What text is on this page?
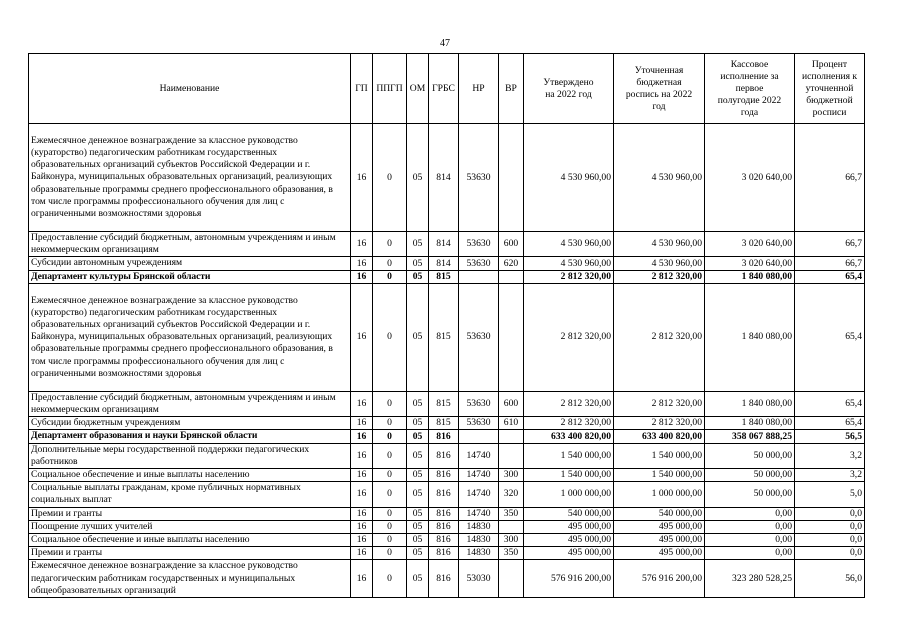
47
Наименование	ГП	ППГП	ОМ	ГРБС	НР	ВР	Утверждено на 2022 год	Уточненная бюджетная роспись на 2022 год	Кассовое исполнение за первое полугодие 2022 года	Процент исполнения к уточненной бюджетной росписи
Ежемесячное денежное вознаграждение за классное руководство (кураторство) педагогическим работникам государственных образовательных организаций субъектов Российской Федерации и г. Байконура, муниципальных образовательных организаций, реализующих образовательные программы среднего профессионального образования, в том числе программы профессионального обучения для лиц с ограниченными возможностями здоровья	16	0	05	814	53630		4 530 960,00	4 530 960,00	3 020 640,00	66,7
Предоставление субсидий бюджетным, автономным учреждениям и иным некоммерческим организациям	16	0	05	814	53630	600	4 530 960,00	4 530 960,00	3 020 640,00	66,7
Субсидии автономным учреждениям	16	0	05	814	53630	620	4 530 960,00	4 530 960,00	3 020 640,00	66,7
Департамент культуры Брянской области	16	0	05	815			2 812 320,00	2 812 320,00	1 840 080,00	65,4
Ежемесячное денежное вознаграждение за классное руководство (кураторство) педагогическим работникам государственных образовательных организаций субъектов Российской Федерации и г. Байконура, муниципальных образовательных организаций, реализующих образовательные программы среднего профессионального образования, в том числе программы профессионального обучения для лиц с ограниченными возможностями здоровья	16	0	05	815	53630		2 812 320,00	2 812 320,00	1 840 080,00	65,4
Предоставление субсидий бюджетным, автономным учреждениям и иным некоммерческим организациям	16	0	05	815	53630	600	2 812 320,00	2 812 320,00	1 840 080,00	65,4
Субсидии бюджетным учреждениям	16	0	05	815	53630	610	2 812 320,00	2 812 320,00	1 840 080,00	65,4
Департамент образования и науки Брянской области	16	0	05	816			633 400 820,00	633 400 820,00	358 067 888,25	56,5
Дополнительные меры государственной поддержки педагогических работников	16	0	05	816	14740		1 540 000,00	1 540 000,00	50 000,00	3,2
Социальное обеспечение и иные выплаты населению	16	0	05	816	14740	300	1 540 000,00	1 540 000,00	50 000,00	3,2
Социальные выплаты гражданам, кроме публичных нормативных социальных выплат	16	0	05	816	14740	320	1 000 000,00	1 000 000,00	50 000,00	5,0
Премии и гранты	16	0	05	816	14740	350	540 000,00	540 000,00	0,00	0,0
Поощрение лучших учителей	16	0	05	816	14830		495 000,00	495 000,00	0,00	0,0
Социальное обеспечение и иные выплаты населению	16	0	05	816	14830	300	495 000,00	495 000,00	0,00	0,0
Премии и гранты	16	0	05	816	14830	350	495 000,00	495 000,00	0,00	0,0
Ежемесячное денежное вознаграждение за классное руководство педагогическим работникам государственных и муниципальных общеобразовательных организаций	16	0	05	816	53030		576 916 200,00	576 916 200,00	323 280 528,25	56,0
